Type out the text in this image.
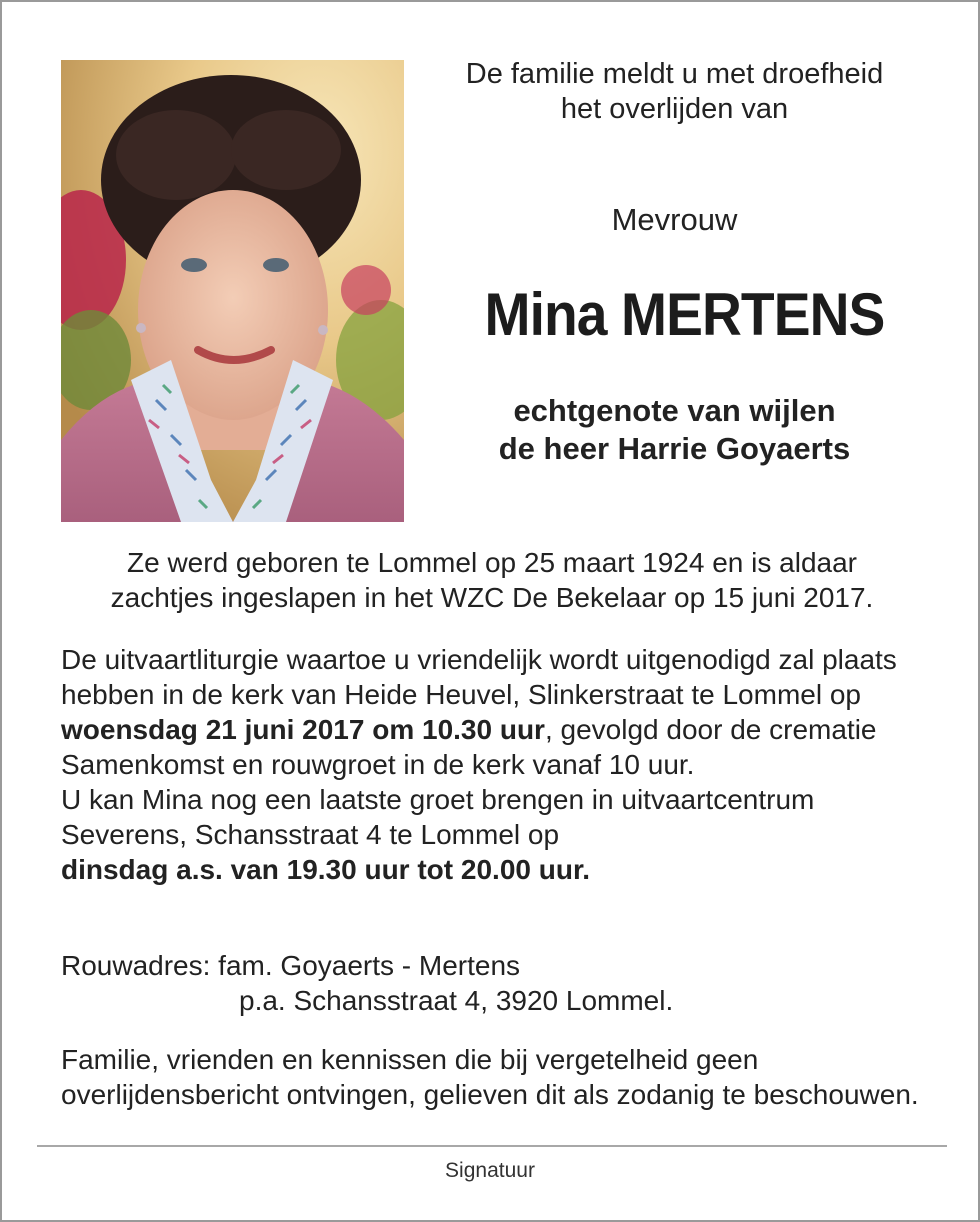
De familie meldt u met droefheid
het overlijden van
Mevrouw
Mina MERTENS
echtgenote van wijlen
de heer Harrie Goyaerts
Ze werd geboren te Lommel op 25 maart 1924 en is aldaar
zachtjes ingeslapen in het WZC De Bekelaar op 15 juni 2017.

De uitvaartliturgie waartoe u vriendelijk wordt uitgenodigd zal plaats hebben in de kerk van Heide Heuvel, Slinkerstraat te Lommel op woensdag 21 juni 2017 om 10.30 uur, gevolgd door de crematie

Samenkomst en rouwgroet in de kerk vanaf 10 uur.

U kan Mina nog een laatste groet brengen in uitvaartcentrum Severens, Schansstraat 4 te Lommel op

dinsdag a.s. van 19.30 uur tot 20.00 uur.

Rouwadres: fam. Goyaerts - Mertens
p.a. Schansstraat 4, 3920 Lommel.
Familie, vrienden en kennissen die bij vergetelheid geen overlijdensbericht ontvingen, gelieven dit als zodanig te beschouwen.
Signatuur
